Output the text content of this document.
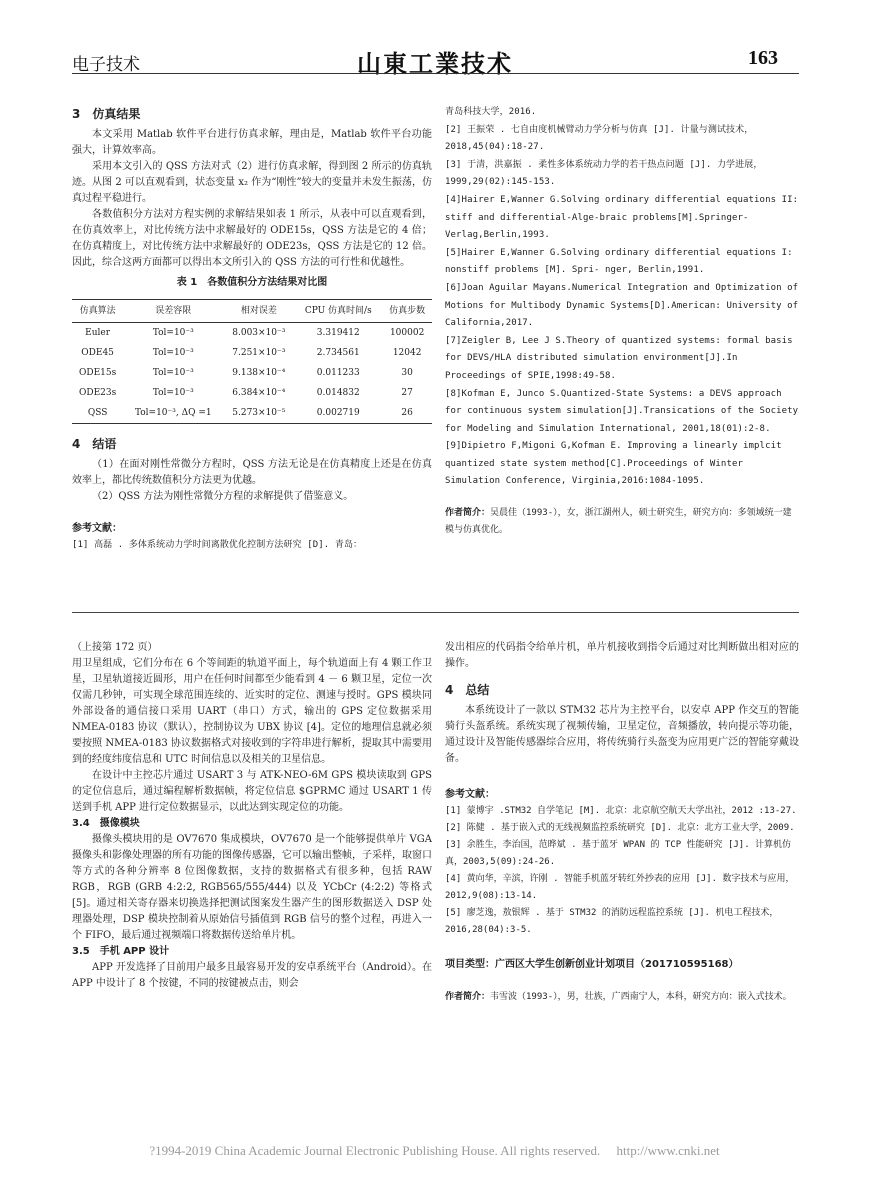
电子技术	山東工業技术	163
3　仿真结果

本文采用 Matlab 软件平台进行仿真求解，理由是，Matlab 软件平台功能强大，计算效率高。

采用本文引入的 QSS 方法对式（2）进行仿真求解，得到图 2 所示的仿真轨迹。从图 2 可以直观看到，状态变量 x₂ 作为“刚性”较大的变量并未发生振荡，仿真过程平稳进行。

各数值积分方法对方程实例的求解结果如表 1 所示，从表中可以直观看到，在仿真效率上，对比传统方法中求解最好的 ODE15s，QSS 方法是它的 4 倍；在仿真精度上，对比传统方法中求解最好的 ODE23s，QSS 方法是它的 12 倍。因此，综合这两方面都可以得出本文所引入的 QSS 方法的可行性和优越性。

表 1　各数值积分方法结果对比图
仿真算法	误差容限	相对误差	CPU 仿真时间/s	仿真步数
Euler	Tol=10⁻³	8.003×10⁻³	3.319412	100002
ODE45	Tol=10⁻³	7.251×10⁻³	2.734561	12042
ODE15s	Tol=10⁻³	9.138×10⁻⁴	0.011233	30
ODE23s	Tol=10⁻³	6.384×10⁻⁴	0.014832	27
QSS	Tol=10⁻³, ΔQ =1	5.273×10⁻⁵	0.002719	26
4　结语

（1）在面对刚性常微分方程时，QSS 方法无论是在仿真精度上还是在仿真效率上，都比传统数值积分方法更为优越。

（2）QSS 方法为刚性常微分方程的求解提供了借鉴意义。

参考文献：

[1] 高磊 . 多体系统动力学时间离散优化控制方法研究 [D]. 青岛：

青岛科技大学，2016.

[2] 王振荣 . 七自由度机械臂动力学分析与仿真 [J]. 计量与测试技术，2018,45(04):18-27.

[3] 于清，洪嘉振 . 柔性多体系统动力学的若干热点问题 [J]. 力学进展，1999,29(02):145-153.

[4]Hairer E,Wanner G.Solving ordinary differential equations II: stiff and differential-Alge-braic problems[M].Springer-Verlag,Berlin,1993.

[5]Hairer E,Wanner G.Solving ordinary differential equations I: nonstiff problems [M]. Spri- nger, Berlin,1991.

[6]Joan Aguilar Mayans.Numerical Integration and Optimization of Motions for Multibody Dynamic Systems[D].American: University of California,2017.

[7]Zeigler B, Lee J S.Theory of quantized systems: formal basis for DEVS/HLA distributed simulation environment[J].In Proceedings of SPIE,1998:49-58.

[8]Kofman E, Junco S.Quantized-State Systems: a DEVS approach for continuous system simulation[J].Transications of the Society for Modeling and Simulation International, 2001,18(01):2-8.

[9]Dipietro F,Migoni G,Kofman E. Improving a linearly implcit quantized state system method[C].Proceedings of Winter Simulation Conference, Virginia,2016:1084-1095.

作者简介：吴晨佳（1993-），女，浙江湖州人，硕士研究生，研究方向：多领域统一建模与仿真优化。

（上接第 172 页）

用卫星组成，它们分布在 6 个等间距的轨道平面上，每个轨道面上有 4 颗工作卫星，卫星轨道接近圆形，用户在任何时间都至少能看到 4 － 6 颗卫星，定位一次仅需几秒钟，可实现全球范围连续的、近实时的定位、测速与授时。GPS 模块同外部设备的通信接口采用 UART（串口）方式，输出的 GPS 定位数据采用 NMEA-0183 协议（默认），控制协议为 UBX 协议 [4]。定位的地理信息就必须要按照 NMEA-0183 协议数据格式对接收到的字符串进行解析，提取其中需要用到的经度纬度信息和 UTC 时间信息以及相关的卫星信息。

在设计中主控芯片通过 USART 3 与 ATK-NEO-6M GPS 模块读取到 GPS 的定位信息后，通过编程解析数据帧，将定位信息 $GPRMC 通过 USART 1 传送到手机 APP 进行定位数据显示，以此达到实现定位的功能。

3.4　摄像模块

摄像头模块用的是 OV7670 集成模块，OV7670 是一个能够提供单片 VGA 摄像头和影像处理器的所有功能的图像传感器，它可以输出整帧，子采样，取窗口等方式的各种分辨率 8 位图像数据，支持的数据格式有很多种，包括 RAW RGB，RGB (GRB 4:2:2, RGB565/555/444) 以及 YCbCr (4:2:2) 等格式 [5]。通过相关寄存器来切换选择把测试图案发生器产生的图形数据送入 DSP 处理器处理，DSP 模块控制着从原始信号插值到 RGB 信号的整个过程，再进入一个 FIFO，最后通过视频端口将数据传送给单片机。

3.5　手机 APP 设计

APP 开发选择了目前用户最多且最容易开发的安卓系统平台（Android）。在 APP 中设计了 8 个按键，不同的按键被点击，则会

发出相应的代码指令给单片机，单片机接收到指令后通过对比判断做出相对应的操作。

4　总结

本系统设计了一款以 STM32 芯片为主控平台，以安卓 APP 作交互的智能骑行头盔系统。系统实现了视频传输，卫星定位，音频播放，转向提示等功能，通过设计及智能传感器综合应用，将传统骑行头盔变为应用更广泛的智能穿戴设备。

参考文献：

[1] 蒙博宇 .STM32 自学笔记 [M]. 北京：北京航空航天大学出社，2012 :13-27.

[2] 陈健 . 基于嵌入式的无线视频监控系统研究 [D]. 北京：北方工业大学，2009.

[3] 余胜生，李治国，范晔斌 . 基于蓝牙 WPAN 的 TCP 性能研究 [J]. 计算机仿真，2003,5(09):24-26.

[4] 黄向华，辛滨，许刚 . 智能手机蓝牙转红外抄表的应用 [J]. 数字技术与应用，2012,9(08):13-14.

[5] 廖芝逸，敖银辉 . 基于 STM32 的消防远程监控系统 [J]. 机电工程技术，2016,28(04):3-5.

项目类型：广西区大学生创新创业计划项目（201710595168）

作者简介：韦雪波（1993-），男，壮族，广西南宁人，本科，研究方向：嵌入式技术。

?1994-2019 China Academic Journal Electronic Publishing House. All rights reserved.　 http://www.cnki.net
